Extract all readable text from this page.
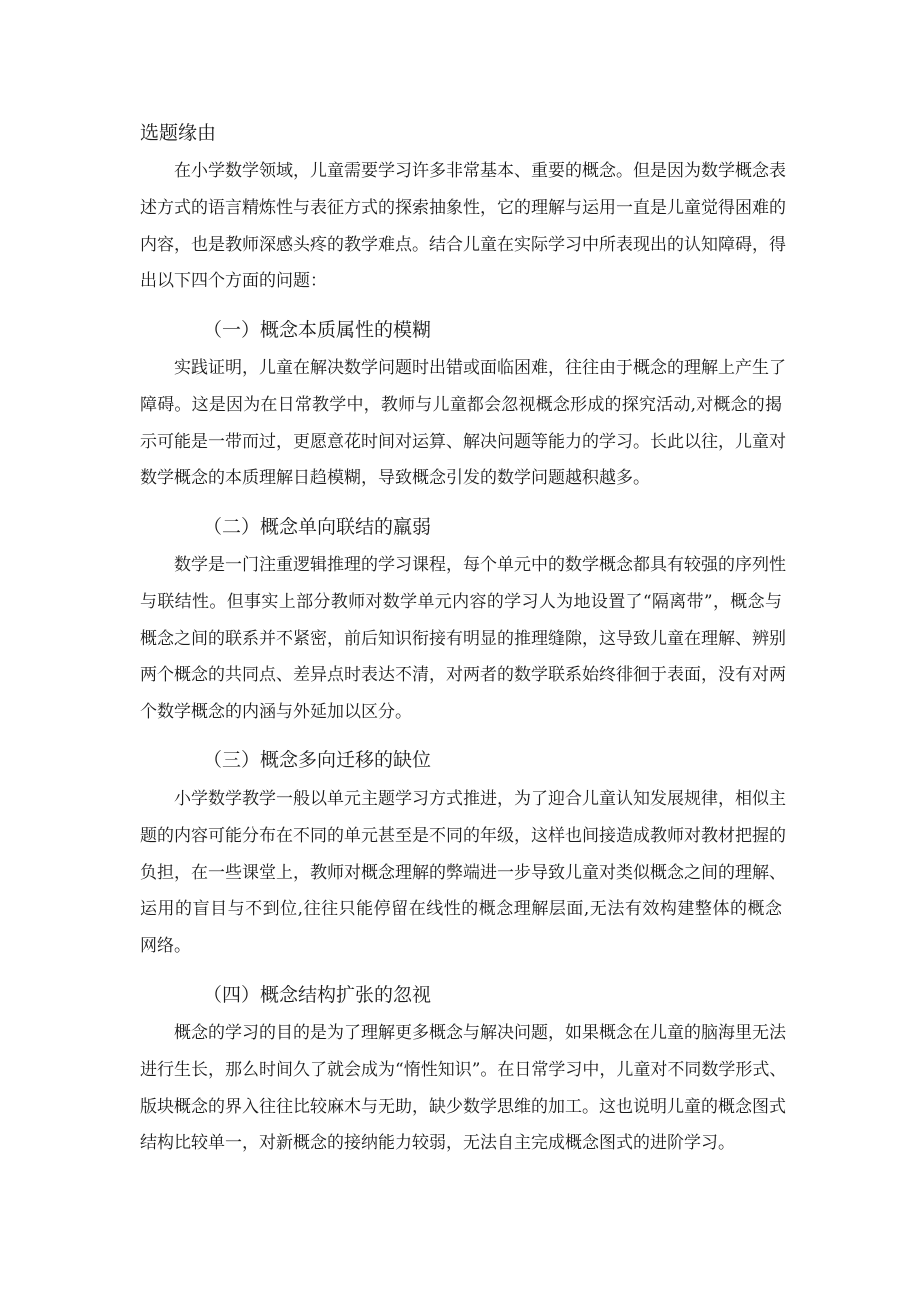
选题缘由
在小学数学领域，儿童需要学习许多非常基本、重要的概念。但是因为数学概念表
述方式的语言精炼性与表征方式的探索抽象性，它的理解与运用一直是儿童觉得困难的
内容，也是教师深感头疼的教学难点。结合儿童在实际学习中所表现出的认知障碍，得
出以下四个方面的问题：
（一）概念本质属性的模糊
实践证明，儿童在解决数学问题时出错或面临困难，往往由于概念的理解上产生了
障碍。这是因为在日常教学中，教师与儿童都会忽视概念形成的探究活动,对概念的揭
示可能是一带而过，更愿意花时间对运算、解决问题等能力的学习。长此以往，儿童对
数学概念的本质理解日趋模糊，导致概念引发的数学问题越积越多。
（二）概念单向联结的羸弱
数学是一门注重逻辑推理的学习课程，每个单元中的数学概念都具有较强的序列性
与联结性。但事实上部分教师对数学单元内容的学习人为地设置了“隔离带”，概念与
概念之间的联系并不紧密，前后知识衔接有明显的推理缝隙，这导致儿童在理解、辨别
两个概念的共同点、差异点时表达不清，对两者的数学联系始终徘徊于表面，没有对两
个数学概念的内涵与外延加以区分。
（三）概念多向迁移的缺位
小学数学教学一般以单元主题学习方式推进，为了迎合儿童认知发展规律，相似主
题的内容可能分布在不同的单元甚至是不同的年级，这样也间接造成教师对教材把握的
负担，在一些课堂上，教师对概念理解的弊端进一步导致儿童对类似概念之间的理解、
运用的盲目与不到位,往往只能停留在线性的概念理解层面,无法有效构建整体的概念
网络。
（四）概念结构扩张的忽视
概念的学习的目的是为了理解更多概念与解决问题，如果概念在儿童的脑海里无法
进行生长，那么时间久了就会成为“惰性知识”。在日常学习中，儿童对不同数学形式、
版块概念的界入往往比较麻木与无助，缺少数学思维的加工。这也说明儿童的概念图式
结构比较单一，对新概念的接纳能力较弱，无法自主完成概念图式的进阶学习。
